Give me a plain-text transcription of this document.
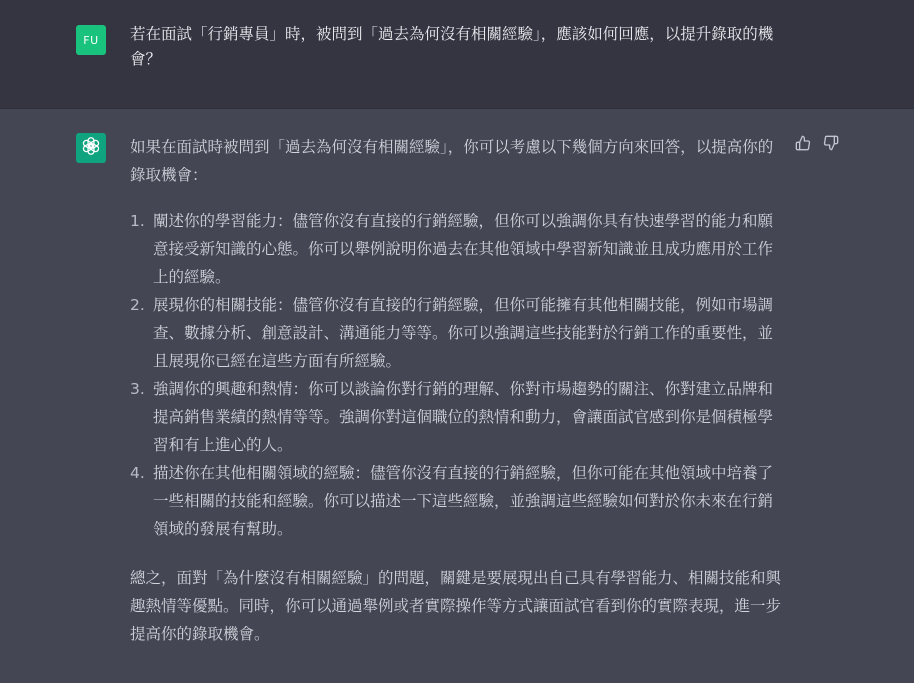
FU 若在面試「行銷專員」時，被問到「過去為何沒有相關經驗」，應該如何回應，以提升錄取的機會？

如果在面試時被問到「過去為何沒有相關經驗」，你可以考慮以下幾個方向來回答，以提高你的錄取機會：

1. 闡述你的學習能力：儘管你沒有直接的行銷經驗，但你可以強調你具有快速學習的能力和願意接受新知識的心態。你可以舉例說明你過去在其他領域中學習新知識並且成功應用於工作上的經驗。
2. 展現你的相關技能：儘管你沒有直接的行銷經驗，但你可能擁有其他相關技能，例如市場調查、數據分析、創意設計、溝通能力等等。你可以強調這些技能對於行銷工作的重要性，並且展現你已經在這些方面有所經驗。
3. 強調你的興趣和熱情：你可以談論你對行銷的理解、你對市場趨勢的關注、你對建立品牌和提高銷售業績的熱情等等。強調你對這個職位的熱情和動力，會讓面試官感到你是個積極學習和有上進心的人。
4. 描述你在其他相關領域的經驗：儘管你沒有直接的行銷經驗，但你可能在其他領域中培養了一些相關的技能和經驗。你可以描述一下這些經驗，並強調這些經驗如何對於你未來在行銷領域的發展有幫助。

總之，面對「為什麼沒有相關經驗」的問題，關鍵是要展現出自己具有學習能力、相關技能和興趣熱情等優點。同時，你可以通過舉例或者實際操作等方式讓面試官看到你的實際表現，進一步提高你的錄取機會。
